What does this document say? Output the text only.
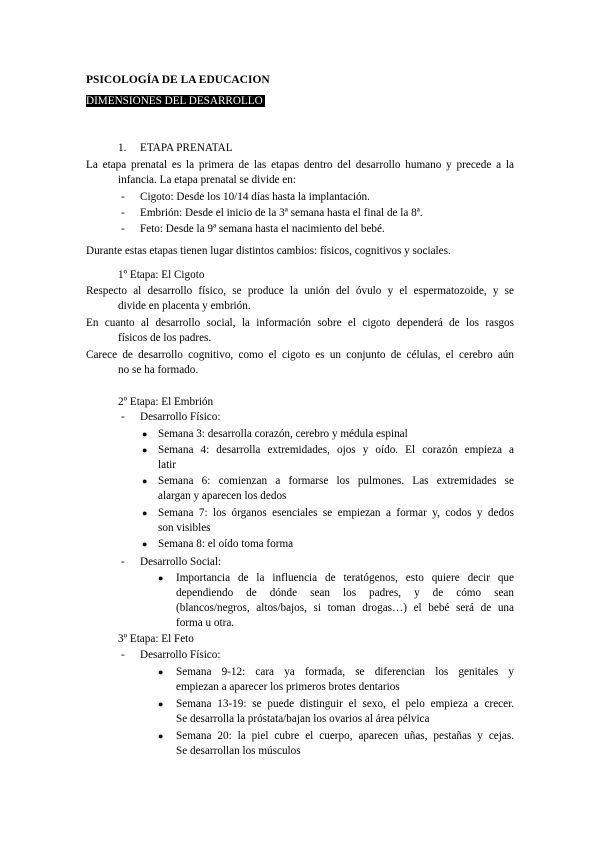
PSICOLOGÍA DE LA EDUCACION
DIMENSIONES DEL DESARROLLO
1. ETAPA PRENATAL
La etapa prenatal es la primera de las etapas dentro del desarrollo humano y precede a la
infancia. La etapa prenatal se divide en:
- Cigoto: Desde los 10/14 días hasta la implantación.
- Embrión: Desde el inicio de la 3ª semana hasta el final de la 8ª.
- Feto: Desde la 9ª semana hasta el nacimiento del bebé.
Durante estas etapas tienen lugar distintos cambios: físicos, cognitivos y sociales.
1º Etapa: El Cigoto
Respecto al desarrollo físico, se produce la unión del óvulo y el espermatozoide, y se
divide en placenta y embrión.
En cuanto al desarrollo social, la información sobre el cigoto dependerá de los rasgos
físicos de los padres.
Carece de desarrollo cognitivo, como el cigoto es un conjunto de células, el cerebro aún
no se ha formado.
2º Etapa: El Embrión
- Desarrollo Físico:
● Semana 3: desarrolla corazón, cerebro y médula espinal
● Semana 4: desarrolla extremidades, ojos y oído. El corazón empieza a
latir
● Semana 6: comienzan a formarse los pulmones. Las extremidades se
alargan y aparecen los dedos
● Semana 7: los órganos esenciales se empiezan a formar y, codos y dedos
son visibles
● Semana 8: el oído toma forma
- Desarrollo Social:
● Importancia de la influencia de teratógenos, esto quiere decir que
dependiendo de dónde sean los padres, y de cómo sean
(blancos/negros, altos/bajos, si toman drogas…) el bebé será de una
forma u otra.
3º Etapa: El Feto
- Desarrollo Físico:
● Semana 9-12: cara ya formada, se diferencian los genitales y
empiezan a aparecer los primeros brotes dentarios
● Semana 13-19: se puede distinguir el sexo, el pelo empieza a crecer.
Se desarrolla la próstata/bajan los ovarios al área pélvica
● Semana 20: la piel cubre el cuerpo, aparecen uñas, pestañas y cejas.
Se desarrollan los músculos
